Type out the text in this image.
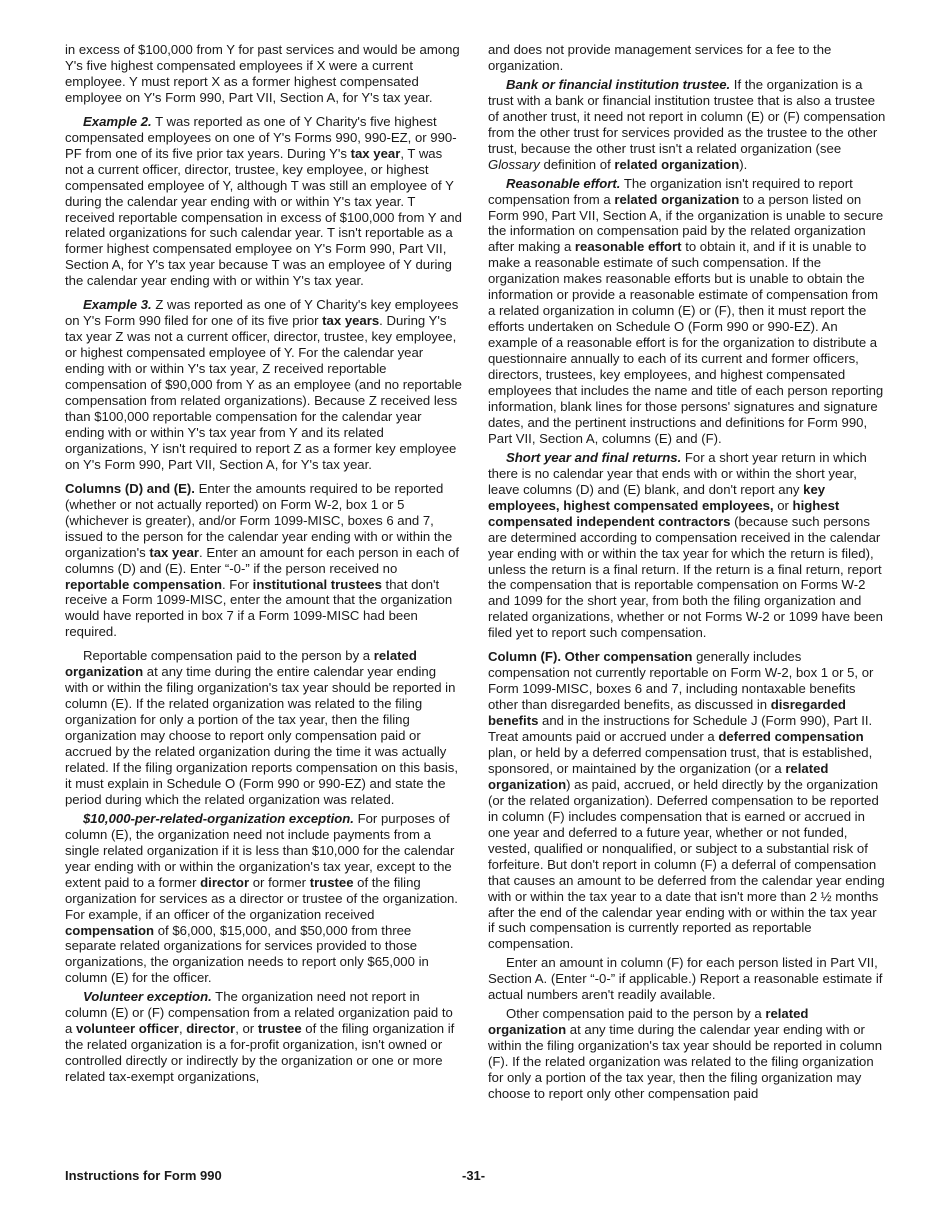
in excess of $100,000 from Y for past services and would be among Y's five highest compensated employees if X were a current employee. Y must report X as a former highest compensated employee on Y's Form 990, Part VII, Section A, for Y's tax year.

Example 2. T was reported as one of Y Charity's five highest compensated employees on one of Y's Forms 990, 990-EZ, or 990-PF from one of its five prior tax years. During Y's tax year, T was not a current officer, director, trustee, key employee, or highest compensated employee of Y, although T was still an employee of Y during the calendar year ending with or within Y's tax year. T received reportable compensation in excess of $100,000 from Y and related organizations for such calendar year. T isn't reportable as a former highest compensated employee on Y's Form 990, Part VII, Section A, for Y's tax year because T was an employee of Y during the calendar year ending with or within Y's tax year.

Example 3. Z was reported as one of Y Charity's key employees on Y's Form 990 filed for one of its five prior tax years. During Y's tax year Z was not a current officer, director, trustee, key employee, or highest compensated employee of Y. For the calendar year ending with or within Y's tax year, Z received reportable compensation of $90,000 from Y as an employee (and no reportable compensation from related organizations). Because Z received less than $100,000 reportable compensation for the calendar year ending with or within Y's tax year from Y and its related organizations, Y isn't required to report Z as a former key employee on Y's Form 990, Part VII, Section A, for Y's tax year.

Columns (D) and (E). Enter the amounts required to be reported (whether or not actually reported) on Form W-2, box 1 or 5 (whichever is greater), and/or Form 1099-MISC, boxes 6 and 7, issued to the person for the calendar year ending with or within the organization's tax year. Enter an amount for each person in each of columns (D) and (E). Enter “-0-” if the person received no reportable compensation. For institutional trustees that don't receive a Form 1099-MISC, enter the amount that the organization would have reported in box 7 if a Form 1099-MISC had been required.

Reportable compensation paid to the person by a related organization at any time during the entire calendar year ending with or within the filing organization's tax year should be reported in column (E). If the related organization was related to the filing organization for only a portion of the tax year, then the filing organization may choose to report only compensation paid or accrued by the related organization during the time it was actually related. If the filing organization reports compensation on this basis, it must explain in Schedule O (Form 990 or 990-EZ) and state the period during which the related organization was related.

$10,000-per-related-organization exception. For purposes of column (E), the organization need not include payments from a single related organization if it is less than $10,000 for the calendar year ending with or within the organization's tax year, except to the extent paid to a former director or former trustee of the filing organization for services as a director or trustee of the organization. For example, if an officer of the organization received compensation of $6,000, $15,000, and $50,000 from three separate related organizations for services provided to those organizations, the organization needs to report only $65,000 in column (E) for the officer.

Volunteer exception. The organization need not report in column (E) or (F) compensation from a related organization paid to a volunteer officer, director, or trustee of the filing organization if the related organization is a for-profit organization, isn't owned or controlled directly or indirectly by the organization or one or more related tax-exempt organizations,

and does not provide management services for a fee to the organization.

Bank or financial institution trustee. If the organization is a trust with a bank or financial institution trustee that is also a trustee of another trust, it need not report in column (E) or (F) compensation from the other trust for services provided as the trustee to the other trust, because the other trust isn't a related organization (see Glossary definition of related organization).

Reasonable effort. The organization isn't required to report compensation from a related organization to a person listed on Form 990, Part VII, Section A, if the organization is unable to secure the information on compensation paid by the related organization after making a reasonable effort to obtain it, and if it is unable to make a reasonable estimate of such compensation. If the organization makes reasonable efforts but is unable to obtain the information or provide a reasonable estimate of compensation from a related organization in column (E) or (F), then it must report the efforts undertaken on Schedule O (Form 990 or 990-EZ). An example of a reasonable effort is for the organization to distribute a questionnaire annually to each of its current and former officers, directors, trustees, key employees, and highest compensated employees that includes the name and title of each person reporting information, blank lines for those persons' signatures and signature dates, and the pertinent instructions and definitions for Form 990, Part VII, Section A, columns (E) and (F).

Short year and final returns. For a short year return in which there is no calendar year that ends with or within the short year, leave columns (D) and (E) blank, and don't report any key employees, highest compensated employees, or highest compensated independent contractors (because such persons are determined according to compensation received in the calendar year ending with or within the tax year for which the return is filed), unless the return is a final return. If the return is a final return, report the compensation that is reportable compensation on Forms W-2 and 1099 for the short year, from both the filing organization and related organizations, whether or not Forms W-2 or 1099 have been filed yet to report such compensation.

Column (F). Other compensation generally includes compensation not currently reportable on Form W-2, box 1 or 5, or Form 1099-MISC, boxes 6 and 7, including nontaxable benefits other than disregarded benefits, as discussed in disregarded benefits and in the instructions for Schedule J (Form 990), Part II. Treat amounts paid or accrued under a deferred compensation plan, or held by a deferred compensation trust, that is established, sponsored, or maintained by the organization (or a related organization) as paid, accrued, or held directly by the organization (or the related organization). Deferred compensation to be reported in column (F) includes compensation that is earned or accrued in one year and deferred to a future year, whether or not funded, vested, qualified or nonqualified, or subject to a substantial risk of forfeiture. But don't report in column (F) a deferral of compensation that causes an amount to be deferred from the calendar year ending with or within the tax year to a date that isn't more than 2 ½ months after the end of the calendar year ending with or within the tax year if such compensation is currently reported as reportable compensation.

Enter an amount in column (F) for each person listed in Part VII, Section A. (Enter “-0-” if applicable.) Report a reasonable estimate if actual numbers aren't readily available.

Other compensation paid to the person by a related organization at any time during the calendar year ending with or within the filing organization's tax year should be reported in column (F). If the related organization was related to the filing organization for only a portion of the tax year, then the filing organization may choose to report only other compensation paid

Instructions for Form 990	-31-
